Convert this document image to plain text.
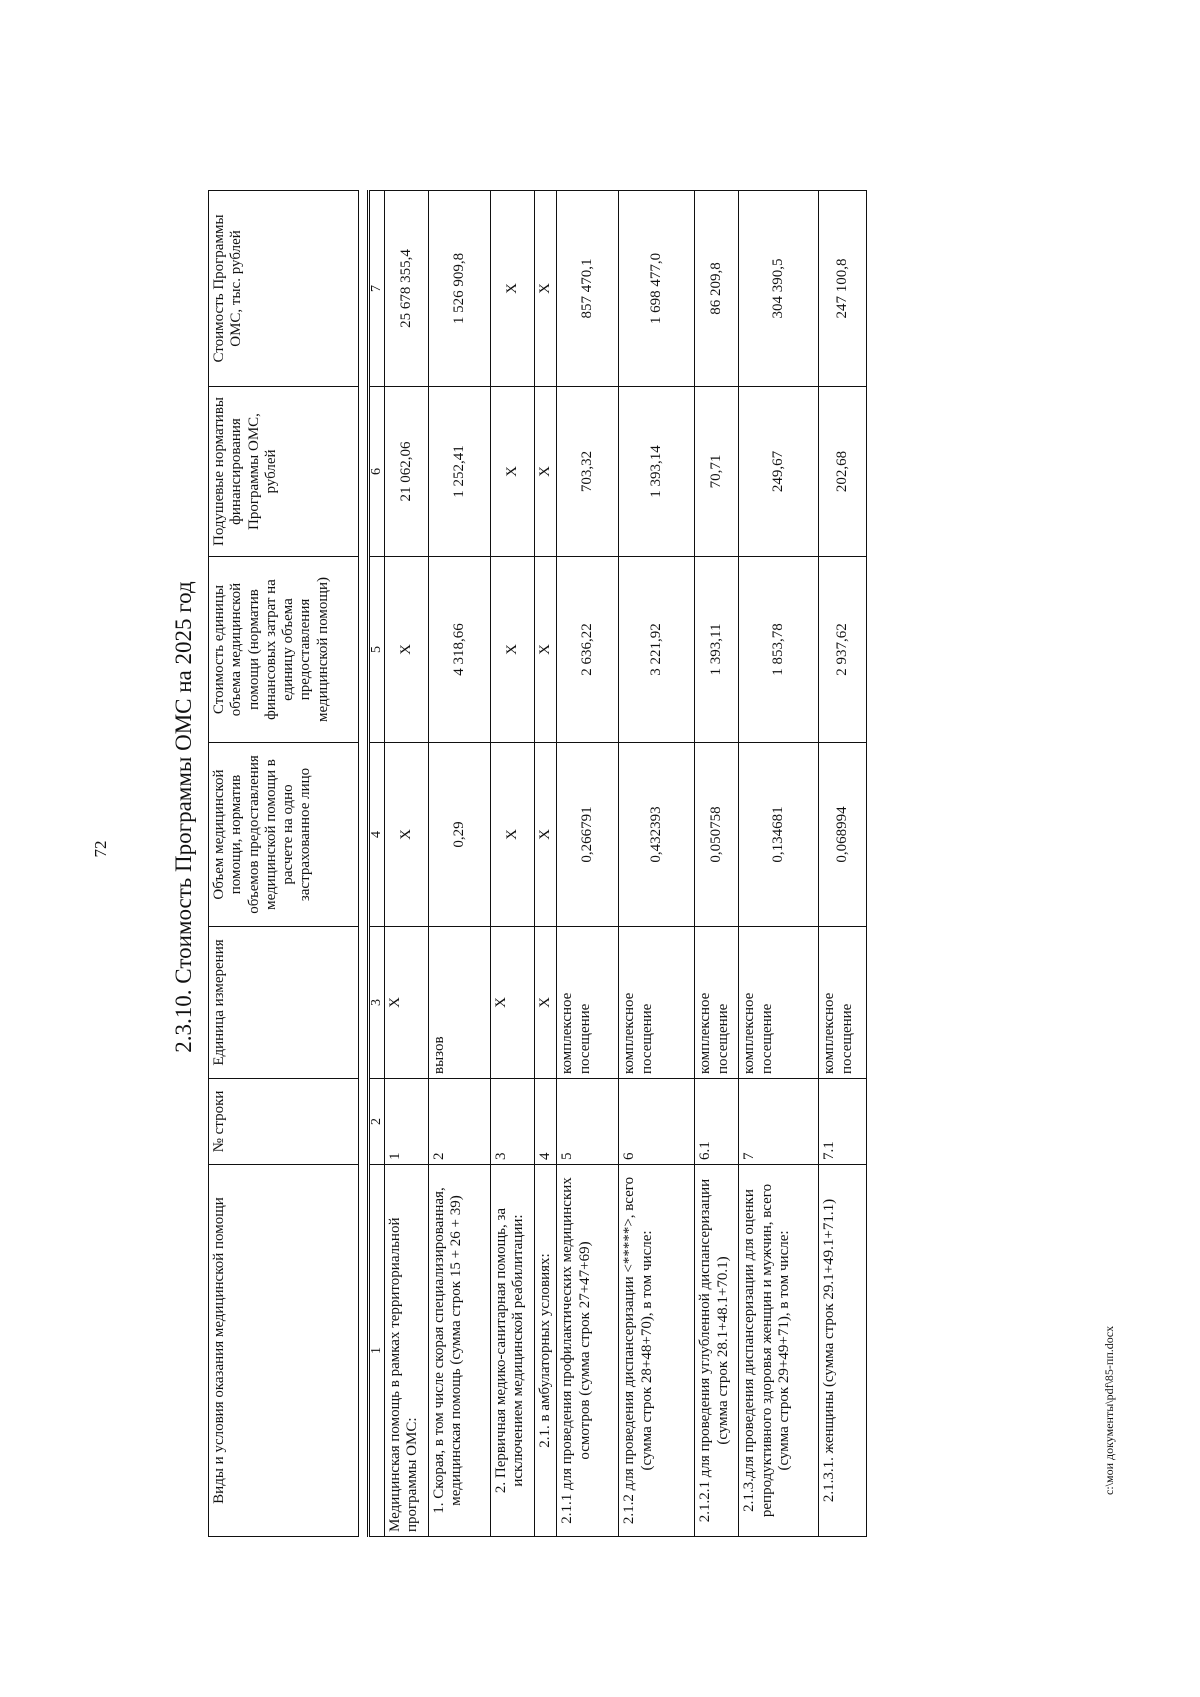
72	2.3.10. Стоимость Программы ОМС на 2025 год
Виды и условия оказания медицинской помощи	№ строки	Единица измерения	Объем медицинской помощи, норматив объемов предоставления медицинской помощи в расчете на одно застрахованное лицо	Стоимость единицы объема медицинской помощи (норматив финансовых затрат на единицу объема предоставления медицинской помощи)	Подушевые нормативы финансирования Программы ОМС, рублей	Стоимость Программы ОМС, тыс. рублей
1	2	3	4	5	6	7
Медицинская помощь в рамках территориальной программы ОМС:	1	X	X	X	21 062,06	25 678 355,4
1. Скорая, в том числе скорая специализированная, медицинская помощь (сумма строк 15 + 26 + 39)	2	вызов	0,29	4 318,66	1 252,41	1 526 909,8
2. Первичная медико-санитарная помощь, за исключением медицинской реабилитации:	3	X	X	X	X	X
2.1. в амбулаторных условиях:	4	X	X	X	X	X
2.1.1 для проведения профилактических медицинских осмотров (сумма строк 27+47+69)	5	комплексное посещение	0,266791	2 636,22	703,32	857 470,1
2.1.2 для проведения диспансеризации <*****>, всего (сумма строк 28+48+70), в том числе:	6	комплексное посещение	0,432393	3 221,92	1 393,14	1 698 477,0
2.1.2.1 для проведения углубленной диспансеризации (сумма строк 28.1+48.1+70.1)	6.1	комплексное посещение	0,050758	1 393,11	70,71	86 209,8
2.1.3.для проведения диспансеризации для оценки репродуктивного здоровья женщин и мужчин, всего (сумма строк 29+49+71), в том числе:	7	комплексное посещение	0,134681	1 853,78	249,67	304 390,5
2.1.3.1. женщины (сумма строк 29.1+49.1+71.1)	7.1	комплексное посещение	0,068994	2 937,62	202,68	247 100,8
c:\мои документы\pdf\85-пп.docx
